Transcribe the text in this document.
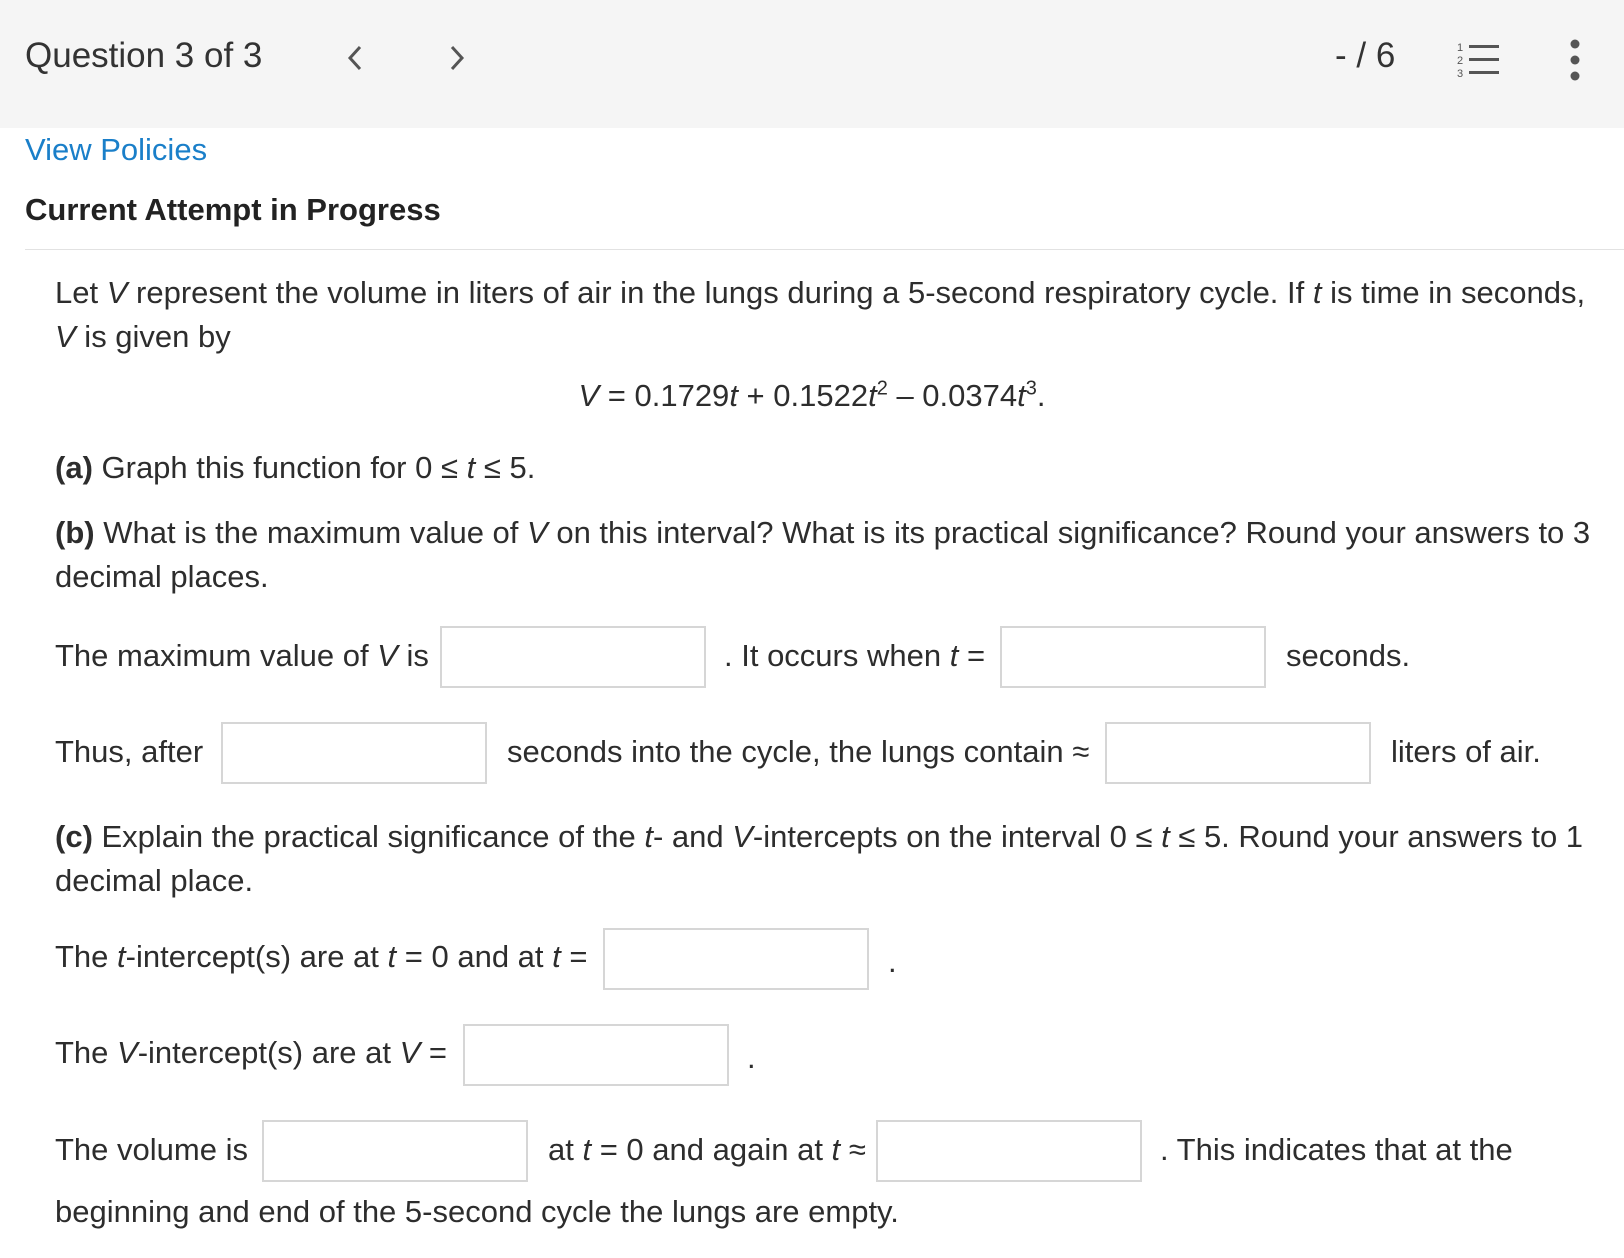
Question 3 of 3	- / 6	1
2
3
View Policies
Current Attempt in Progress
Let V represent the volume in liters of air in the lungs during a 5-second respiratory cycle. If t is time in seconds, V is given by
$V = 0.1729t + 0.1522t^2 - 0.0374t^3$.
(a) Graph this function for 0 ≤ t ≤ 5.
(b) What is the maximum value of V on this interval? What is its practical significance? Round your answers to 3 decimal places.
The maximum value of V is	. It occurs when t =	seconds.
Thus, after	seconds into the cycle, the lungs contain ≈	liters of air.
(c) Explain the practical significance of the t- and V-intercepts on the interval 0 ≤ t ≤ 5. Round your answers to 1 decimal place.
The t-intercept(s) are at t = 0 and at t =	.
The V-intercept(s) are at V =	.
The volume is	at t = 0 and again at t ≈	. This indicates that at the
beginning and end of the 5-second cycle the lungs are empty.
